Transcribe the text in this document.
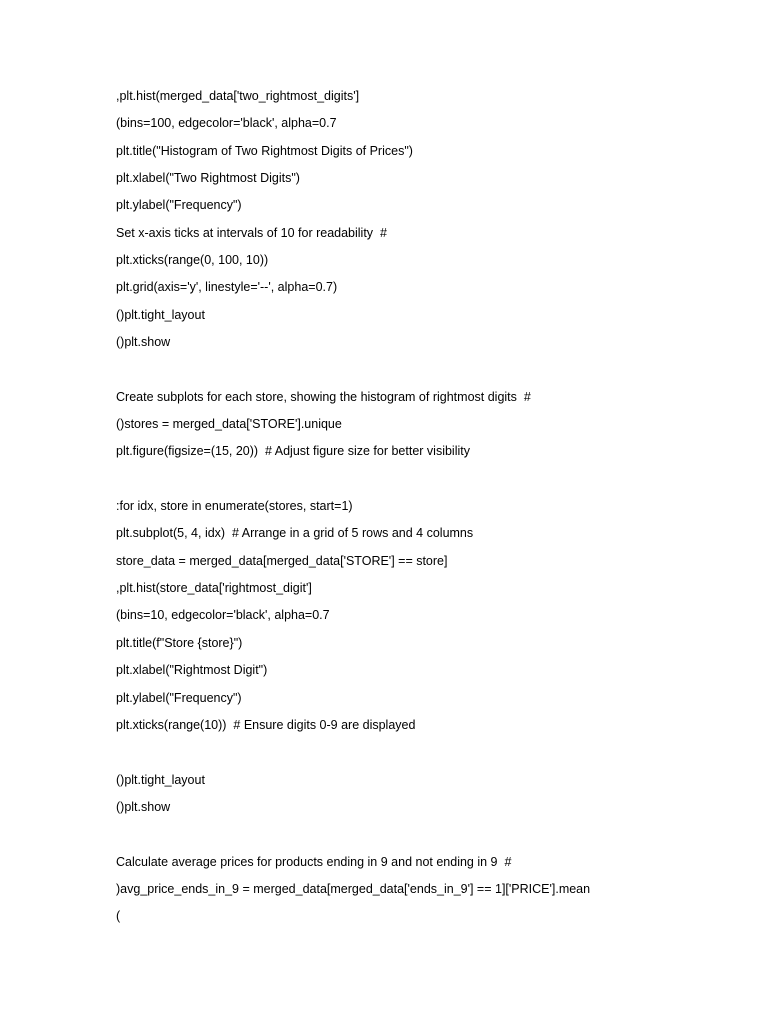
,plt.hist(merged_data['two_rightmost_digits']
(bins=100, edgecolor='black', alpha=0.7
plt.title("Histogram of Two Rightmost Digits of Prices")
plt.xlabel("Two Rightmost Digits")
plt.ylabel("Frequency")
Set x-axis ticks at intervals of 10 for readability  #
plt.xticks(range(0, 100, 10))
plt.grid(axis='y', linestyle='--', alpha=0.7)
()plt.tight_layout
()plt.show
Create subplots for each store, showing the histogram of rightmost digits  #
()stores = merged_data['STORE'].unique
plt.figure(figsize=(15, 20))  # Adjust figure size for better visibility
:for idx, store in enumerate(stores, start=1)
plt.subplot(5, 4, idx)  # Arrange in a grid of 5 rows and 4 columns
store_data = merged_data[merged_data['STORE'] == store]
,plt.hist(store_data['rightmost_digit']
(bins=10, edgecolor='black', alpha=0.7
plt.title(f"Store {store}")
plt.xlabel("Rightmost Digit")
plt.ylabel("Frequency")
plt.xticks(range(10))  # Ensure digits 0-9 are displayed
()plt.tight_layout
()plt.show
Calculate average prices for products ending in 9 and not ending in 9  #
)avg_price_ends_in_9 = merged_data[merged_data['ends_in_9'] == 1]['PRICE'].mean
(
